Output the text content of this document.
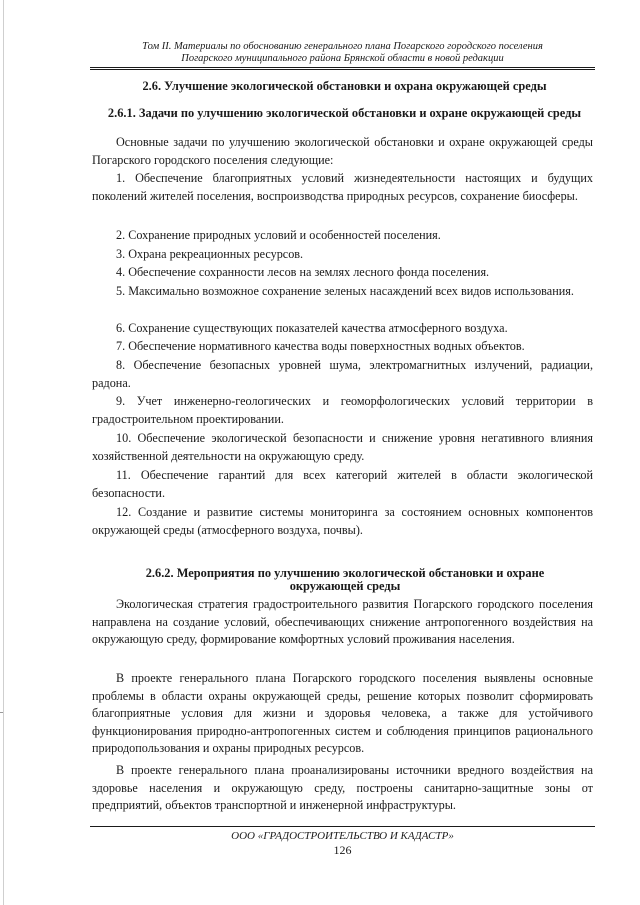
Том II. Материалы по обоснованию генерального плана Погарского городского поселения
Погарского муниципального района Брянской области в новой редакции
2.6. Улучшение экологической обстановки и охрана окружающей среды
2.6.1. Задачи по улучшению экологической обстановки и охране окружающей среды
Основные задачи по улучшению экологической обстановки и охране окружающей среды Погарского городского поселения следующие:
1. Обеспечение благоприятных условий жизнедеятельности настоящих и будущих поколений жителей поселения, воспроизводства природных ресурсов, сохранение биосферы.
2. Сохранение природных условий и особенностей поселения.
3. Охрана рекреационных ресурсов.
4. Обеспечение сохранности лесов на землях лесного фонда поселения.
5. Максимально возможное сохранение зеленых насаждений всех видов использования.
6. Сохранение существующих показателей качества атмосферного воздуха.
7. Обеспечение нормативного качества воды поверхностных водных объектов.
8. Обеспечение безопасных уровней шума, электромагнитных излучений, радиации, радона.
9. Учет инженерно-геологических и геоморфологических условий территории в градостроительном проектировании.
10. Обеспечение экологической безопасности и снижение уровня негативного влияния хозяйственной деятельности на окружающую среду.
11. Обеспечение гарантий для всех категорий жителей в области экологической безопасности.
12. Создание и развитие системы мониторинга за состоянием основных компонентов окружающей среды (атмосферного воздуха, почвы).
2.6.2. Мероприятия по улучшению экологической обстановки и охране окружающей среды
Экологическая стратегия градостроительного развития Погарского городского поселения направлена на создание условий, обеспечивающих снижение антропогенного воздействия на окружающую среду, формирование комфортных условий проживания населения.
В проекте генерального плана Погарского городского поселения выявлены основные проблемы в области охраны окружающей среды, решение которых позволит сформировать благоприятные условия для жизни и здоровья человека, а также для устойчивого функционирования природно-антропогенных систем и соблюдения принципов рационального природопользования и охраны природных ресурсов.
В проекте генерального плана проанализированы источники вредного воздействия на здоровье населения и окружающую среду, построены санитарно-защитные зоны от предприятий, объектов транспортной и инженерной инфраструктуры.
ООО «ГРАДОСТРОИТЕЛЬСТВО И КАДАСТР»
126
